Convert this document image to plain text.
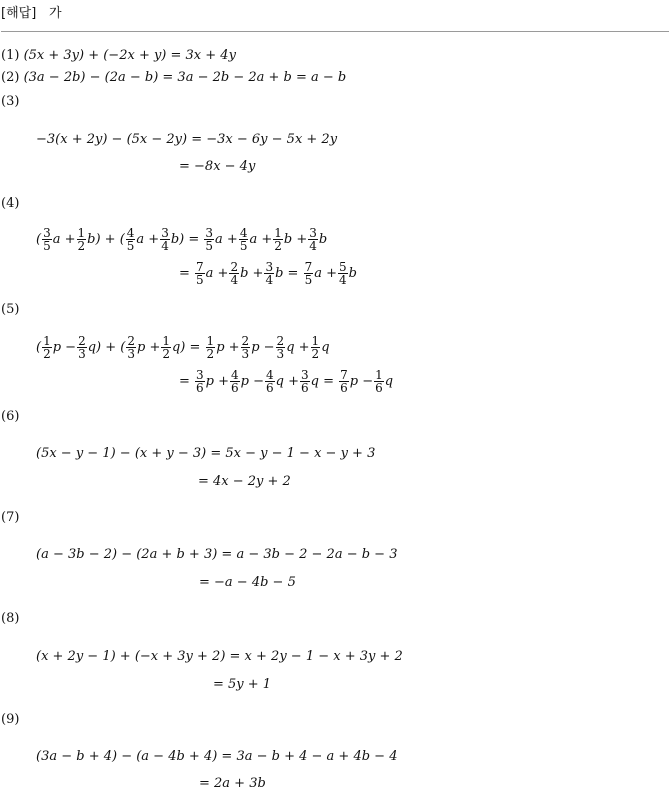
[해답] 가
(1) (5x + 3y) + (−2x + y) = 3x + 4y
(2) (3a − 2b) − (2a − b) = 3a − 2b − 2a + b = a − b
(3)
−3(x + 2y) − (5x − 2y) = −3x − 6y − 5x + 2y
= −8x − 4y
(4)
( $\frac{3}{5}$ $a + \frac{1}{2} b$) + ( $\frac{4}{5}$ $a + \frac{3}{4} b) = \frac{3}{5}$ $a + \frac{4}{5}$ $a + \frac{1}{2}$ $b + \frac{3}{4}$ b
= $\frac{7}{5}$ $a + \frac{2}{4}$ $b + \frac{3}{4}$ $b = \frac{7}{5}$ $a + \frac{5}{4}$ b
(5)
( $\frac{1}{2}$ $p - \frac{2}{3} q$) + ( $\frac{2}{3}$ $p + \frac{1}{2} q) = \frac{1}{2}$ $p + \frac{2}{3}$ $p - \frac{2}{3}$ $q + \frac{1}{2}$ q
= $\frac{3}{6}$ $p + \frac{4}{6}$ $p - \frac{4}{6}$ $q + \frac{3}{6}$ $q = \frac{7}{6}$ $p - \frac{1}{6}$ q
(6)
(5x − y − 1) − (x + y − 3) = 5x − y − 1 − x − y + 3
= 4x − 2y + 2
(7)
(a − 3b − 2) − (2a + b + 3) = a − 3b − 2 − 2a − b − 3
= −a − 4b − 5
(8)
(x + 2y − 1) + (−x + 3y + 2) = x + 2y − 1 − x + 3y + 2
= 5y + 1
(9)
(3a − b + 4) − (a − 4b + 4) = 3a − b + 4 − a + 4b − 4
= 2a + 3b
